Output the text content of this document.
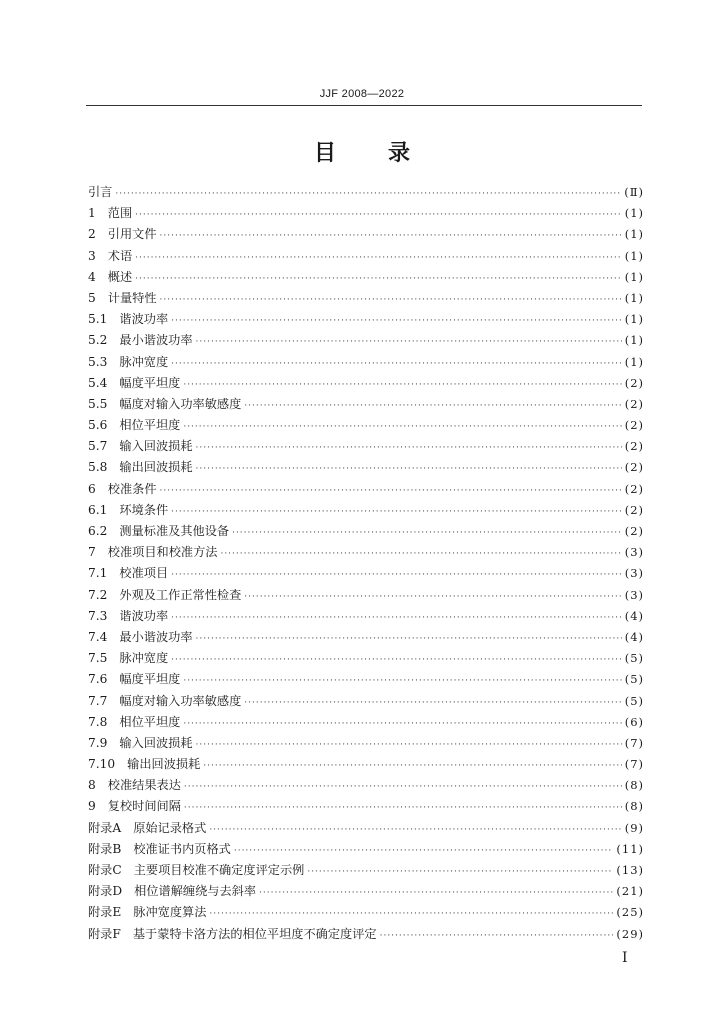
JJF 2008—2022
目 录
引言 ·····	(Ⅱ)
1 范围 ·····	(1)
2 引用文件 ·····	(1)
3 术语 ·····	(1)
4 概述 ·····	(1)
5 计量特性 ·····	(1)
5.1 谐波功率 ·····	(1)
5.2 最小谐波功率 ·····	(1)
5.3 脉冲宽度 ·····	(1)
5.4 幅度平坦度 ·····	(2)
5.5 幅度对输入功率敏感度 ·····	(2)
5.6 相位平坦度 ·····	(2)
5.7 输入回波损耗 ·····	(2)
5.8 输出回波损耗 ·····	(2)
6 校准条件 ·····	(2)
6.1 环境条件 ·····	(2)
6.2 测量标准及其他设备 ·····	(2)
7 校准项目和校准方法 ·····	(3)
7.1 校准项目 ·····	(3)
7.2 外观及工作正常性检查 ·····	(3)
7.3 谐波功率 ·····	(4)
7.4 最小谐波功率 ·····	(4)
7.5 脉冲宽度 ·····	(5)
7.6 幅度平坦度 ·····	(5)
7.7 幅度对输入功率敏感度 ·····	(5)
7.8 相位平坦度 ·····	(6)
7.9 输入回波损耗 ·····	(7)
7.10 输出回波损耗 ·····	(7)
8 校准结果表达 ·····	(8)
9 复校时间间隔 ·····	(8)
附录A 原始记录格式 ·····	(9)
附录B 校准证书内页格式 ·····	(11)
附录C 主要项目校准不确定度评定示例 ·····	(13)
附录D 相位谱解缠绕与去斜率 ·····	(21)
附录E 脉冲宽度算法 ·····	(25)
附录F 基于蒙特卡洛方法的相位平坦度不确定度评定 ·····	(29)
Ⅰ
